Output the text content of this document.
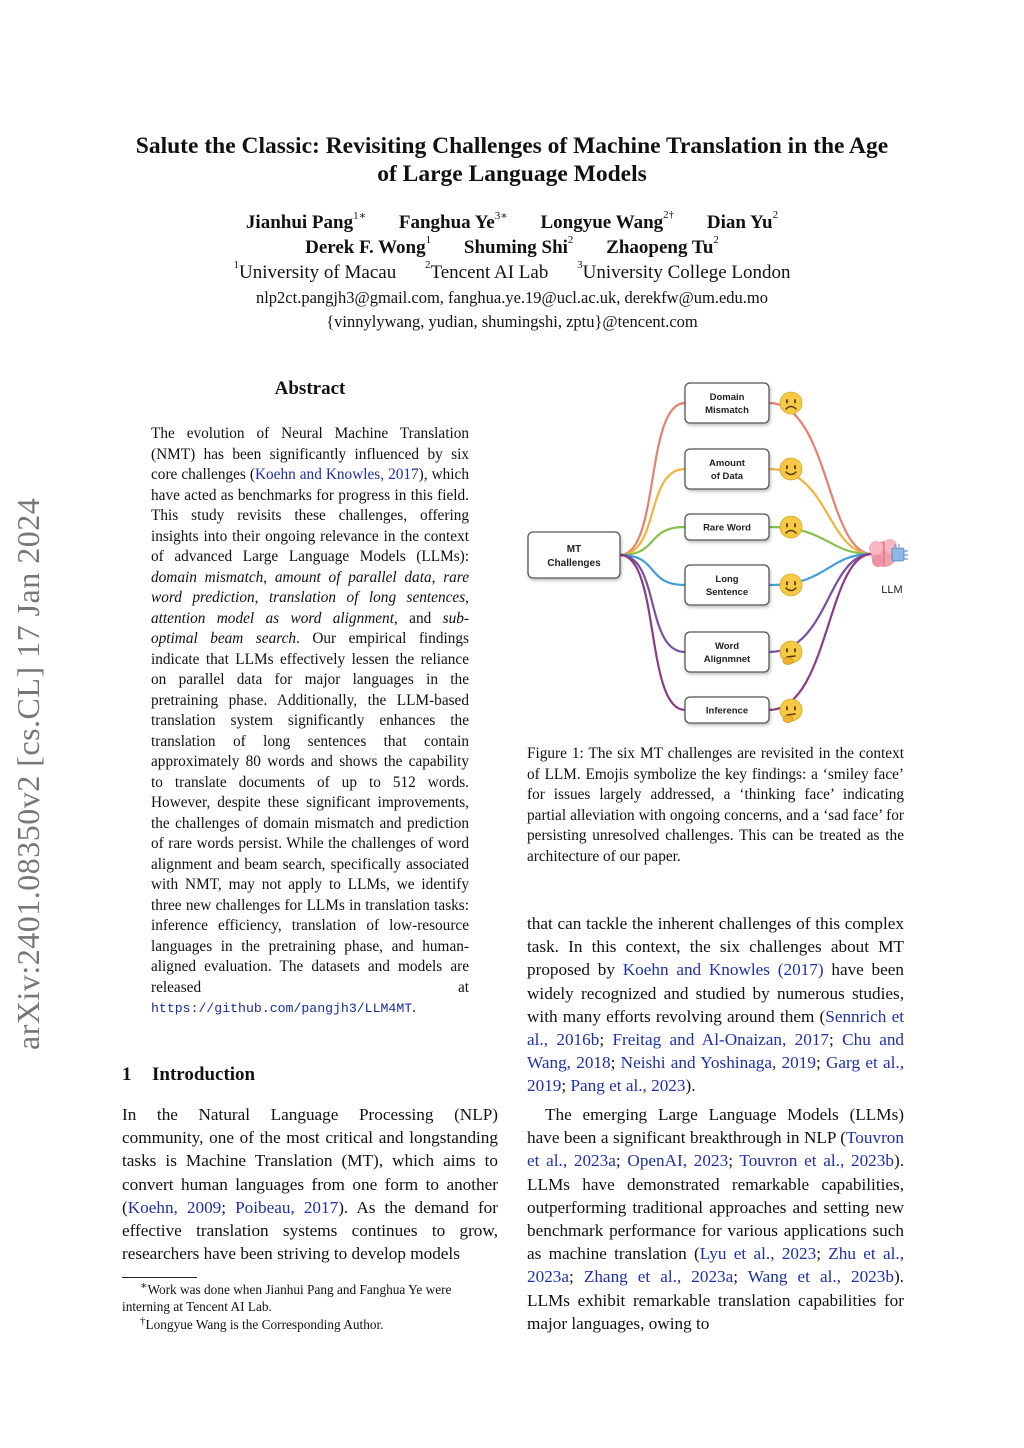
arXiv:2401.08350v2 [cs.CL] 17 Jan 2024
Salute the Classic: Revisiting Challenges of Machine Translation in the Age
of Large Language Models
Jianhui Pang$^{1∗}$ Fanghua $Ye^{3∗}$ Longyue Wang$^{2\dagger}$ Dian Yu$^2$
Derek F. Wong$^1$ Shuming Shi$^2$ Zhaopeng Tu$^2$
$^1$University of Macau	$^2$Tencent AI Lab	$^3$University College London
nlp2ct.pangjh3@gmail.com, fanghua.ye.19@ucl.ac.uk, derekfw@um.edu.mo
{vinnylywang, yudian, shumingshi, zptu}@tencent.com
Abstract
The evolution of Neural Machine Translation (NMT) has been significantly influenced by six core challenges (Koehn and Knowles, 2017), which have acted as benchmarks for progress in this field. This study revisits these challenges, offering insights into their ongoing relevance in the context of advanced Large Language Models (LLMs): domain mismatch, amount of parallel data, rare word prediction, translation of long sentences, attention model as word alignment, and sub-optimal beam search. Our empirical findings indicate that LLMs effectively lessen the reliance on parallel data for major languages in the pretraining phase. Additionally, the LLM-based translation system significantly enhances the translation of long sentences that contain approximately 80 words and shows the capability to translate documents of up to 512 words. However, despite these significant improvements, the challenges of domain mismatch and prediction of rare words persist. While the challenges of word alignment and beam search, specifically associated with NMT, may not apply to LLMs, we identify three new challenges for LLMs in translation tasks: inference efficiency, translation of low-resource languages in the pretraining phase, and human-aligned evaluation. The datasets and models are released at https://github.com/pangjh3/LLM4MT.
1 Introduction
In the Natural Language Processing (NLP) community, one of the most critical and longstanding tasks is Machine Translation (MT), which aims to convert human languages from one form to another (Koehn, 2009; Poibeau, 2017). As the demand for effective translation systems continues to grow, researchers have been striving to develop models

∗Work was done when Jianhui Pang and Fanghua Ye were interning at Tencent AI Lab.

†Longyue Wang is the Corresponding Author.

MT
Challenges
Domain
Mismatch
Amount
of Data
Rare Word
Long
Sentence
Word
Alignmnet
Inference
LLM
Figure 1: The six MT challenges are revisited in the context of LLM. Emojis symbolize the key findings: a ‘smiley face’ for issues largely addressed, a ‘thinking face’ indicating partial alleviation with ongoing concerns, and a ‘sad face’ for persisting unresolved challenges. This can be treated as the architecture of our paper.
that can tackle the inherent challenges of this complex task. In this context, the six challenges about MT proposed by Koehn and Knowles (2017) have been widely recognized and studied by numerous studies, with many efforts revolving around them (Sennrich et al., 2016b; Freitag and Al-Onaizan, 2017; Chu and Wang, 2018; Neishi and Yoshinaga, 2019; Garg et al., 2019; Pang et al., 2023).

The emerging Large Language Models (LLMs) have been a significant breakthrough in NLP (Touvron et al., 2023a; OpenAI, 2023; Touvron et al., 2023b). LLMs have demonstrated remarkable capabilities, outperforming traditional approaches and setting new benchmark performance for various applications such as machine translation (Lyu et al., 2023; Zhu et al., 2023a; Zhang et al., 2023a; Wang et al., 2023b). LLMs exhibit remarkable translation capabilities for major languages, owing to
